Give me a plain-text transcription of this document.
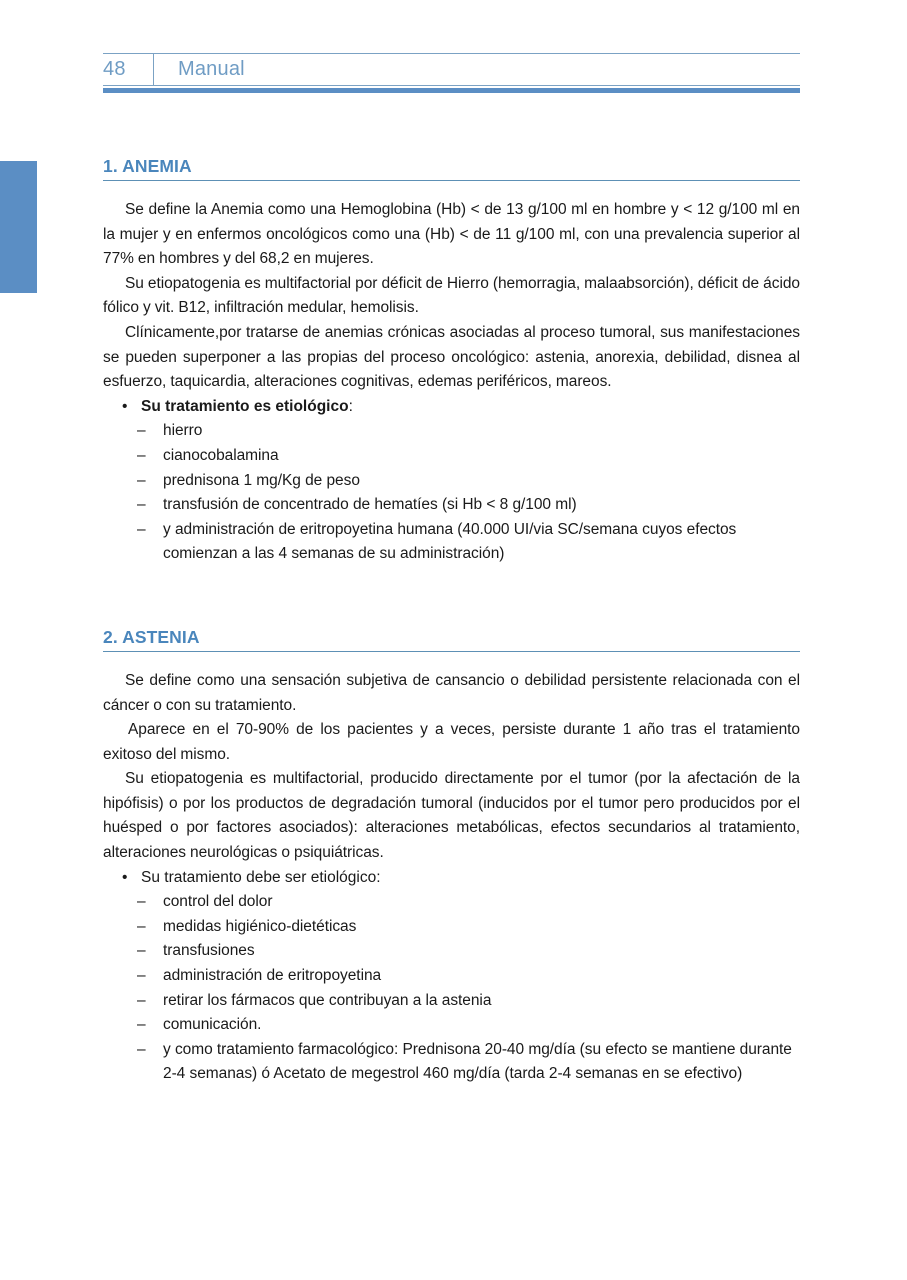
48	Manual
1. ANEMIA

Se define la Anemia como una Hemoglobina (Hb) < de 13 g/100 ml en hombre y < 12 g/100 ml en la mujer y en enfermos oncológicos como una (Hb) < de 11 g/100 ml, con una prevalencia superior al 77% en hombres y del 68,2 en mujeres.

Su etiopatogenia es multifactorial por déficit de Hierro (hemorragia, malaabsorción), déficit de ácido fólico y vit. B12, infiltración medular, hemolisis.

Clínicamente,por tratarse de anemias crónicas asociadas al proceso tumoral, sus manifestaciones se pueden superponer a las propias del proceso oncológico: astenia, anorexia, debilidad, disnea al esfuerzo, taquicardia, alteraciones cognitivas, edemas periféricos, mareos.

• Su tratamiento es etiológico:
– hierro
– cianocobalamina
– prednisona 1 mg/Kg de peso
– transfusión de concentrado de hematíes (si Hb < 8 g/100 ml)
– y administración de eritropoyetina humana (40.000 UI/via SC/semana cuyos efectos comienzan a las 4 semanas de su administración)
2. ASTENIA

Se define como una sensación subjetiva de cansancio o debilidad persistente relacionada con el cáncer o con su tratamiento.

Aparece en el 70-90% de los pacientes y a veces, persiste durante 1 año tras el tratamiento exitoso del mismo.

Su etiopatogenia es multifactorial, producido directamente por el tumor (por la afectación de la hipófisis) o por los productos de degradación tumoral (inducidos por el tumor pero producidos por el huésped o por factores asociados): alteraciones metabólicas, efectos secundarios al tratamiento, alteraciones neurológicas o psiquiátricas.

• Su tratamiento debe ser etiológico:
– control del dolor
– medidas higiénico-dietéticas
– transfusiones
– administración de eritropoyetina
– retirar los fármacos que contribuyan a la astenia
– comunicación.
– y como tratamiento farmacológico: Prednisona 20-40 mg/día (su efecto se mantiene durante 2-4 semanas) ó Acetato de megestrol 460 mg/día (tarda 2-4 semanas en se efectivo)
